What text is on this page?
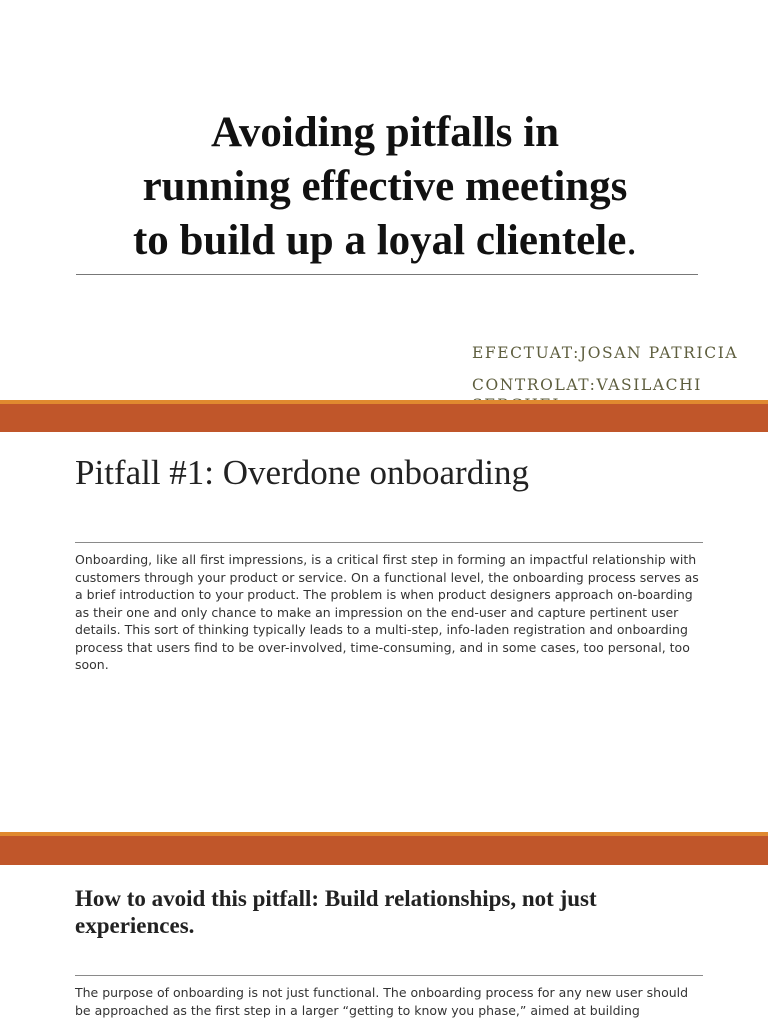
Avoiding pitfalls in
running effective meetings
to build up a loyal clientele.
EFECTUAT:JOSAN PATRICIA
CONTROLAT:VASILACHI
Pitfall #1: Overdone onboarding

Onboarding, like all first impressions, is a critical first step in forming an impactful relationship with customers through your product or service. On a functional level, the onboarding process serves as a brief introduction to your product. The problem is when product designers approach on-boarding as their one and only chance to make an impression on the end-user and capture pertinent user details. This sort of thinking typically leads to a multi-step, info-laden registration and onboarding process that users find to be over-involved, time-consuming, and in some cases, too personal, too soon.

How to avoid this pitfall: Build relationships, not just experiences.

The purpose of onboarding is not just functional. The onboarding process for any new user should be approached as the first step in a larger “getting to know you phase,” aimed at building
